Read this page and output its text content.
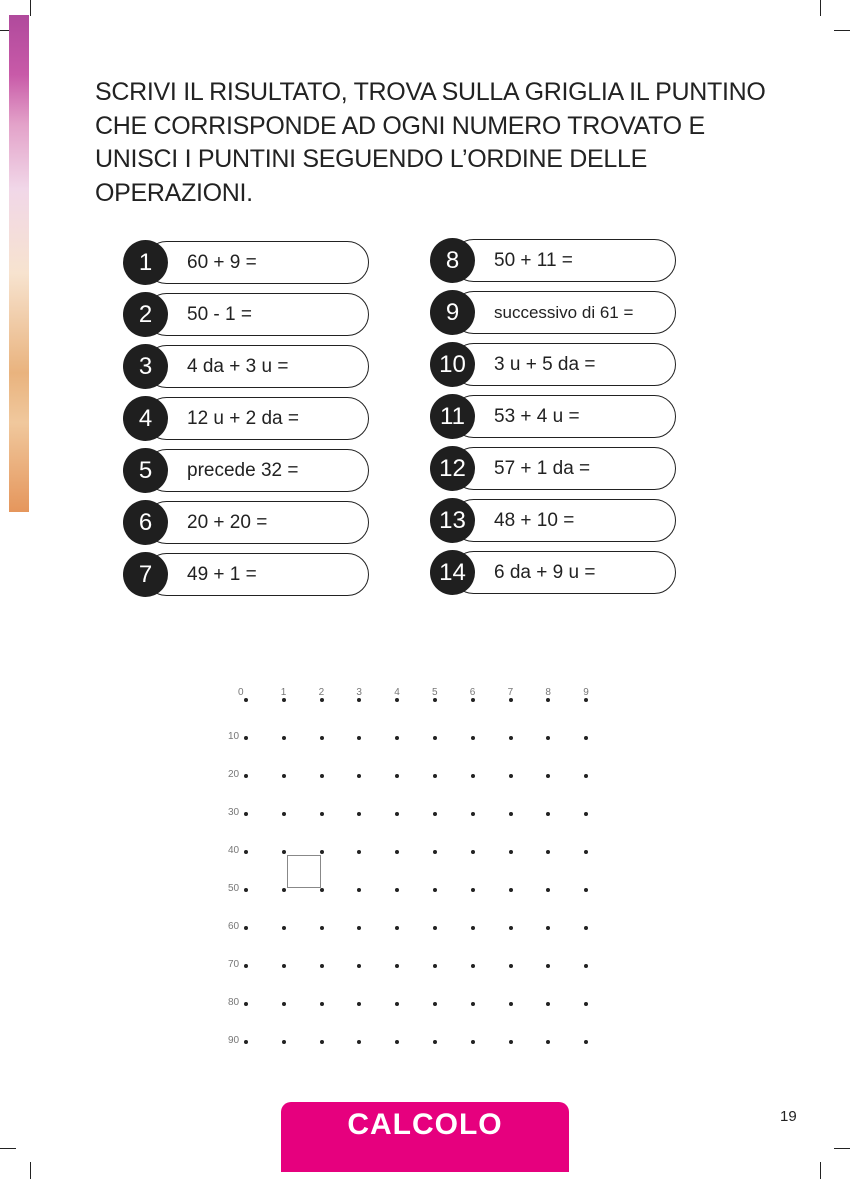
SCRIVI IL RISULTATO, TROVA SULLA GRIGLIA IL PUNTINO
CHE CORRISPONDE AD OGNI NUMERO TROVATO E
UNISCI I PUNTINI SEGUENDO L’ORDINE DELLE
OPERAZIONI.
1	60 + 9 =
2	50 - 1 =
3	4 da + 3 u =
4	12 u + 2 da =
5	precede 32 =
6	20 + 20 =
7	49 + 1 =
8	50 + 11 =
9	successivo di 61 =
10	3 u + 5 da =
11	53 + 4 u =
12	57 + 1 da =
13	48 + 10 =
14	6 da + 9 u =
0	1	2	3	4	5	6	7	8	9
10
20
30
40
50
60
70
80
90
CALCOLO	19
